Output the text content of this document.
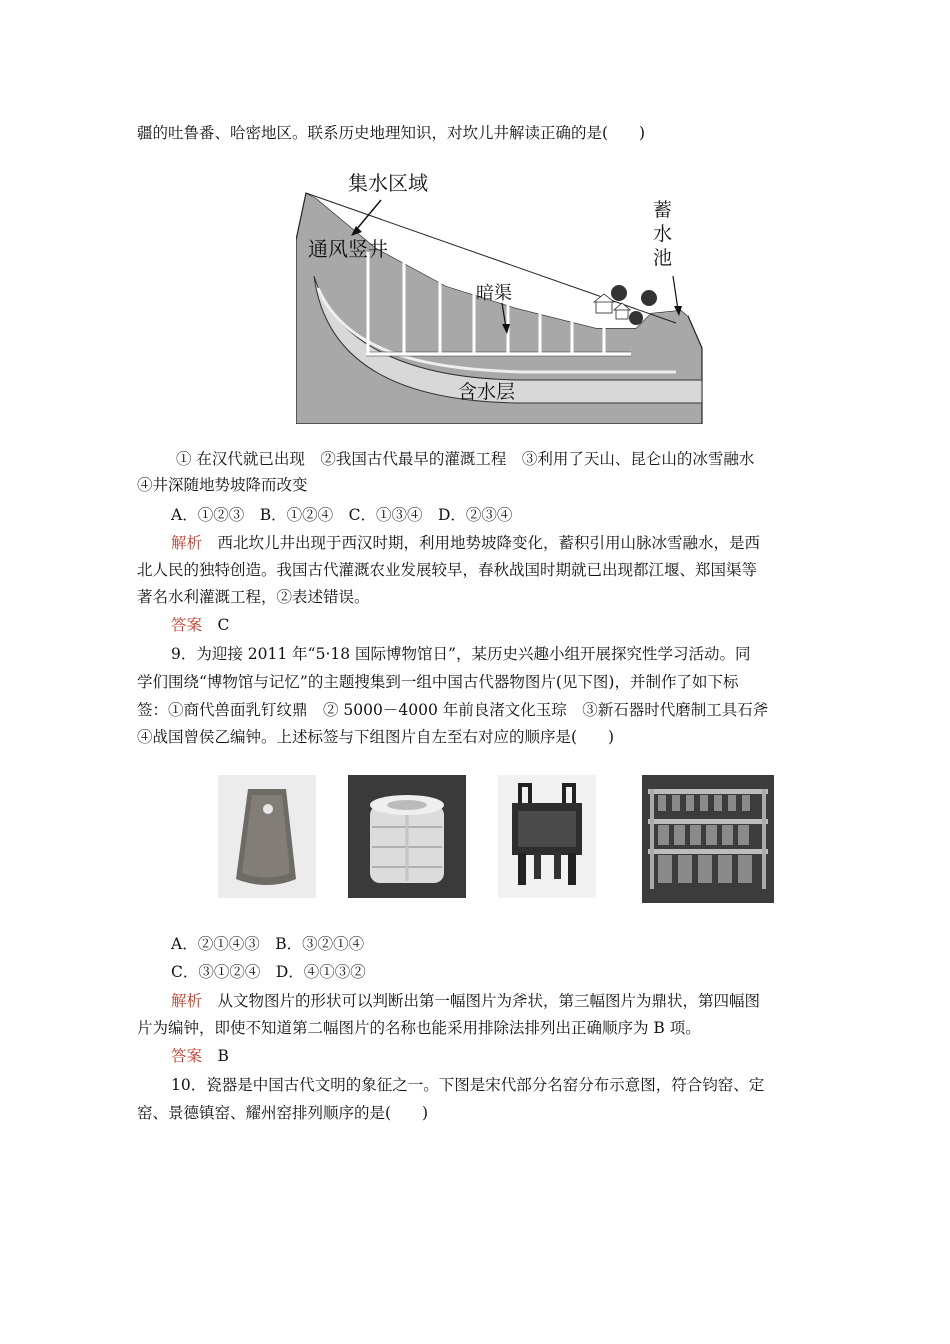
疆的吐鲁番、哈密地区。联系历史地理知识，对坎儿井解读正确的是(　　)
集水区域
通风竖井
暗渠
蓄
水
池
含水层
① 在汉代就已出现　②我国古代最早的灌溉工程　③利用了天山、昆仑山的冰雪融水
④井深随地势坡降而改变
A．①②③　B．①②④　C．①③④　D．②③④
解析　西北坎儿井出现于西汉时期，利用地势坡降变化，蓄积引用山脉冰雪融水，是西
北人民的独特创造。我国古代灌溉农业发展较早，春秋战国时期就已出现都江堰、郑国渠等
著名水利灌溉工程，②表述错误。
答案　C
9．为迎接 2011 年“5·18 国际博物馆日”，某历史兴趣小组开展探究性学习活动。同
学们围绕“博物馆与记忆”的主题搜集到一组中国古代器物图片(见下图)，并制作了如下标
签：①商代兽面乳钉纹鼎　② 5000－4000 年前良渚文化玉琮　③新石器时代磨制工具石斧
④战国曾侯乙编钟。上述标签与下组图片自左至右对应的顺序是(　　)
A．②①④③　B．③②①④
C．③①②④　D．④①③②
解析　从文物图片的形状可以判断出第一幅图片为斧状，第三幅图片为鼎状，第四幅图
片为编钟，即使不知道第二幅图片的名称也能采用排除法排列出正确顺序为 B 项。
答案　B
10．瓷器是中国古代文明的象征之一。下图是宋代部分名窑分布示意图，符合钧窑、定
窑、景德镇窑、耀州窑排列顺序的是(　　)
